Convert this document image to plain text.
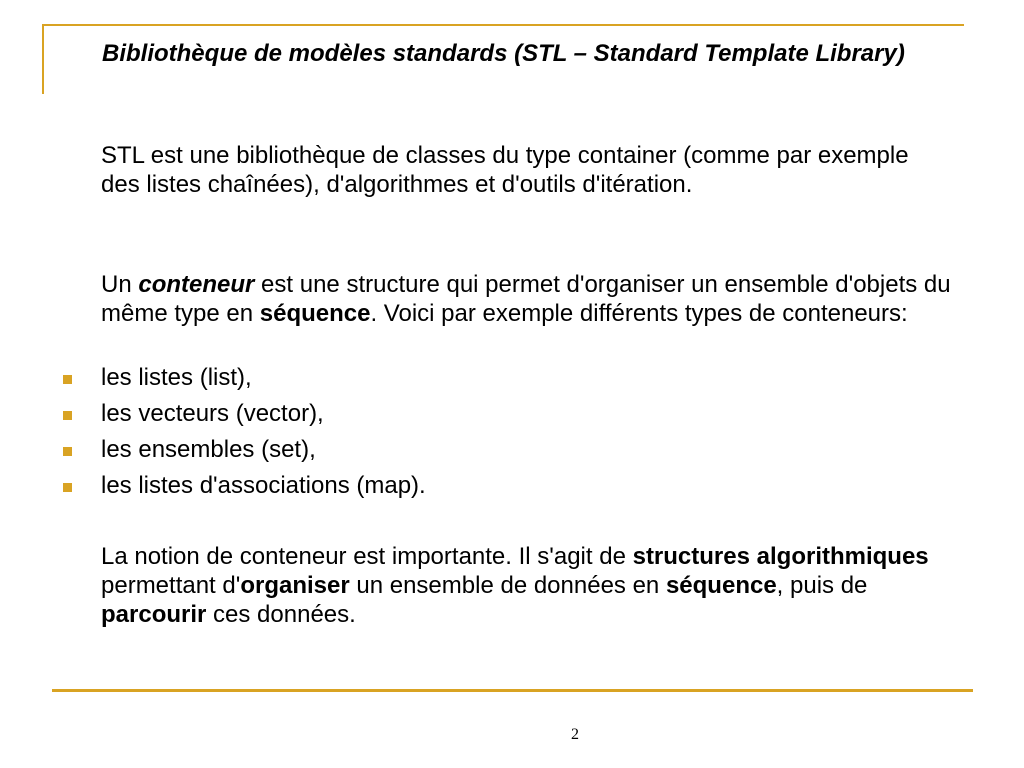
Bibliothèque de modèles standards (STL – Standard Template Library)
STL est une bibliothèque de classes du type container (comme par exemple des listes chaînées), d'algorithmes et d'outils d'itération.
Un conteneur est une structure qui permet d'organiser un ensemble d'objets du même type en séquence. Voici par exemple différents types de conteneurs:
les listes (list),
les vecteurs (vector),
les ensembles (set),
les listes d'associations (map).
La notion de conteneur est importante. Il s'agit de structures algorithmiques permettant d'organiser un ensemble de données en séquence, puis de parcourir ces données.
2
